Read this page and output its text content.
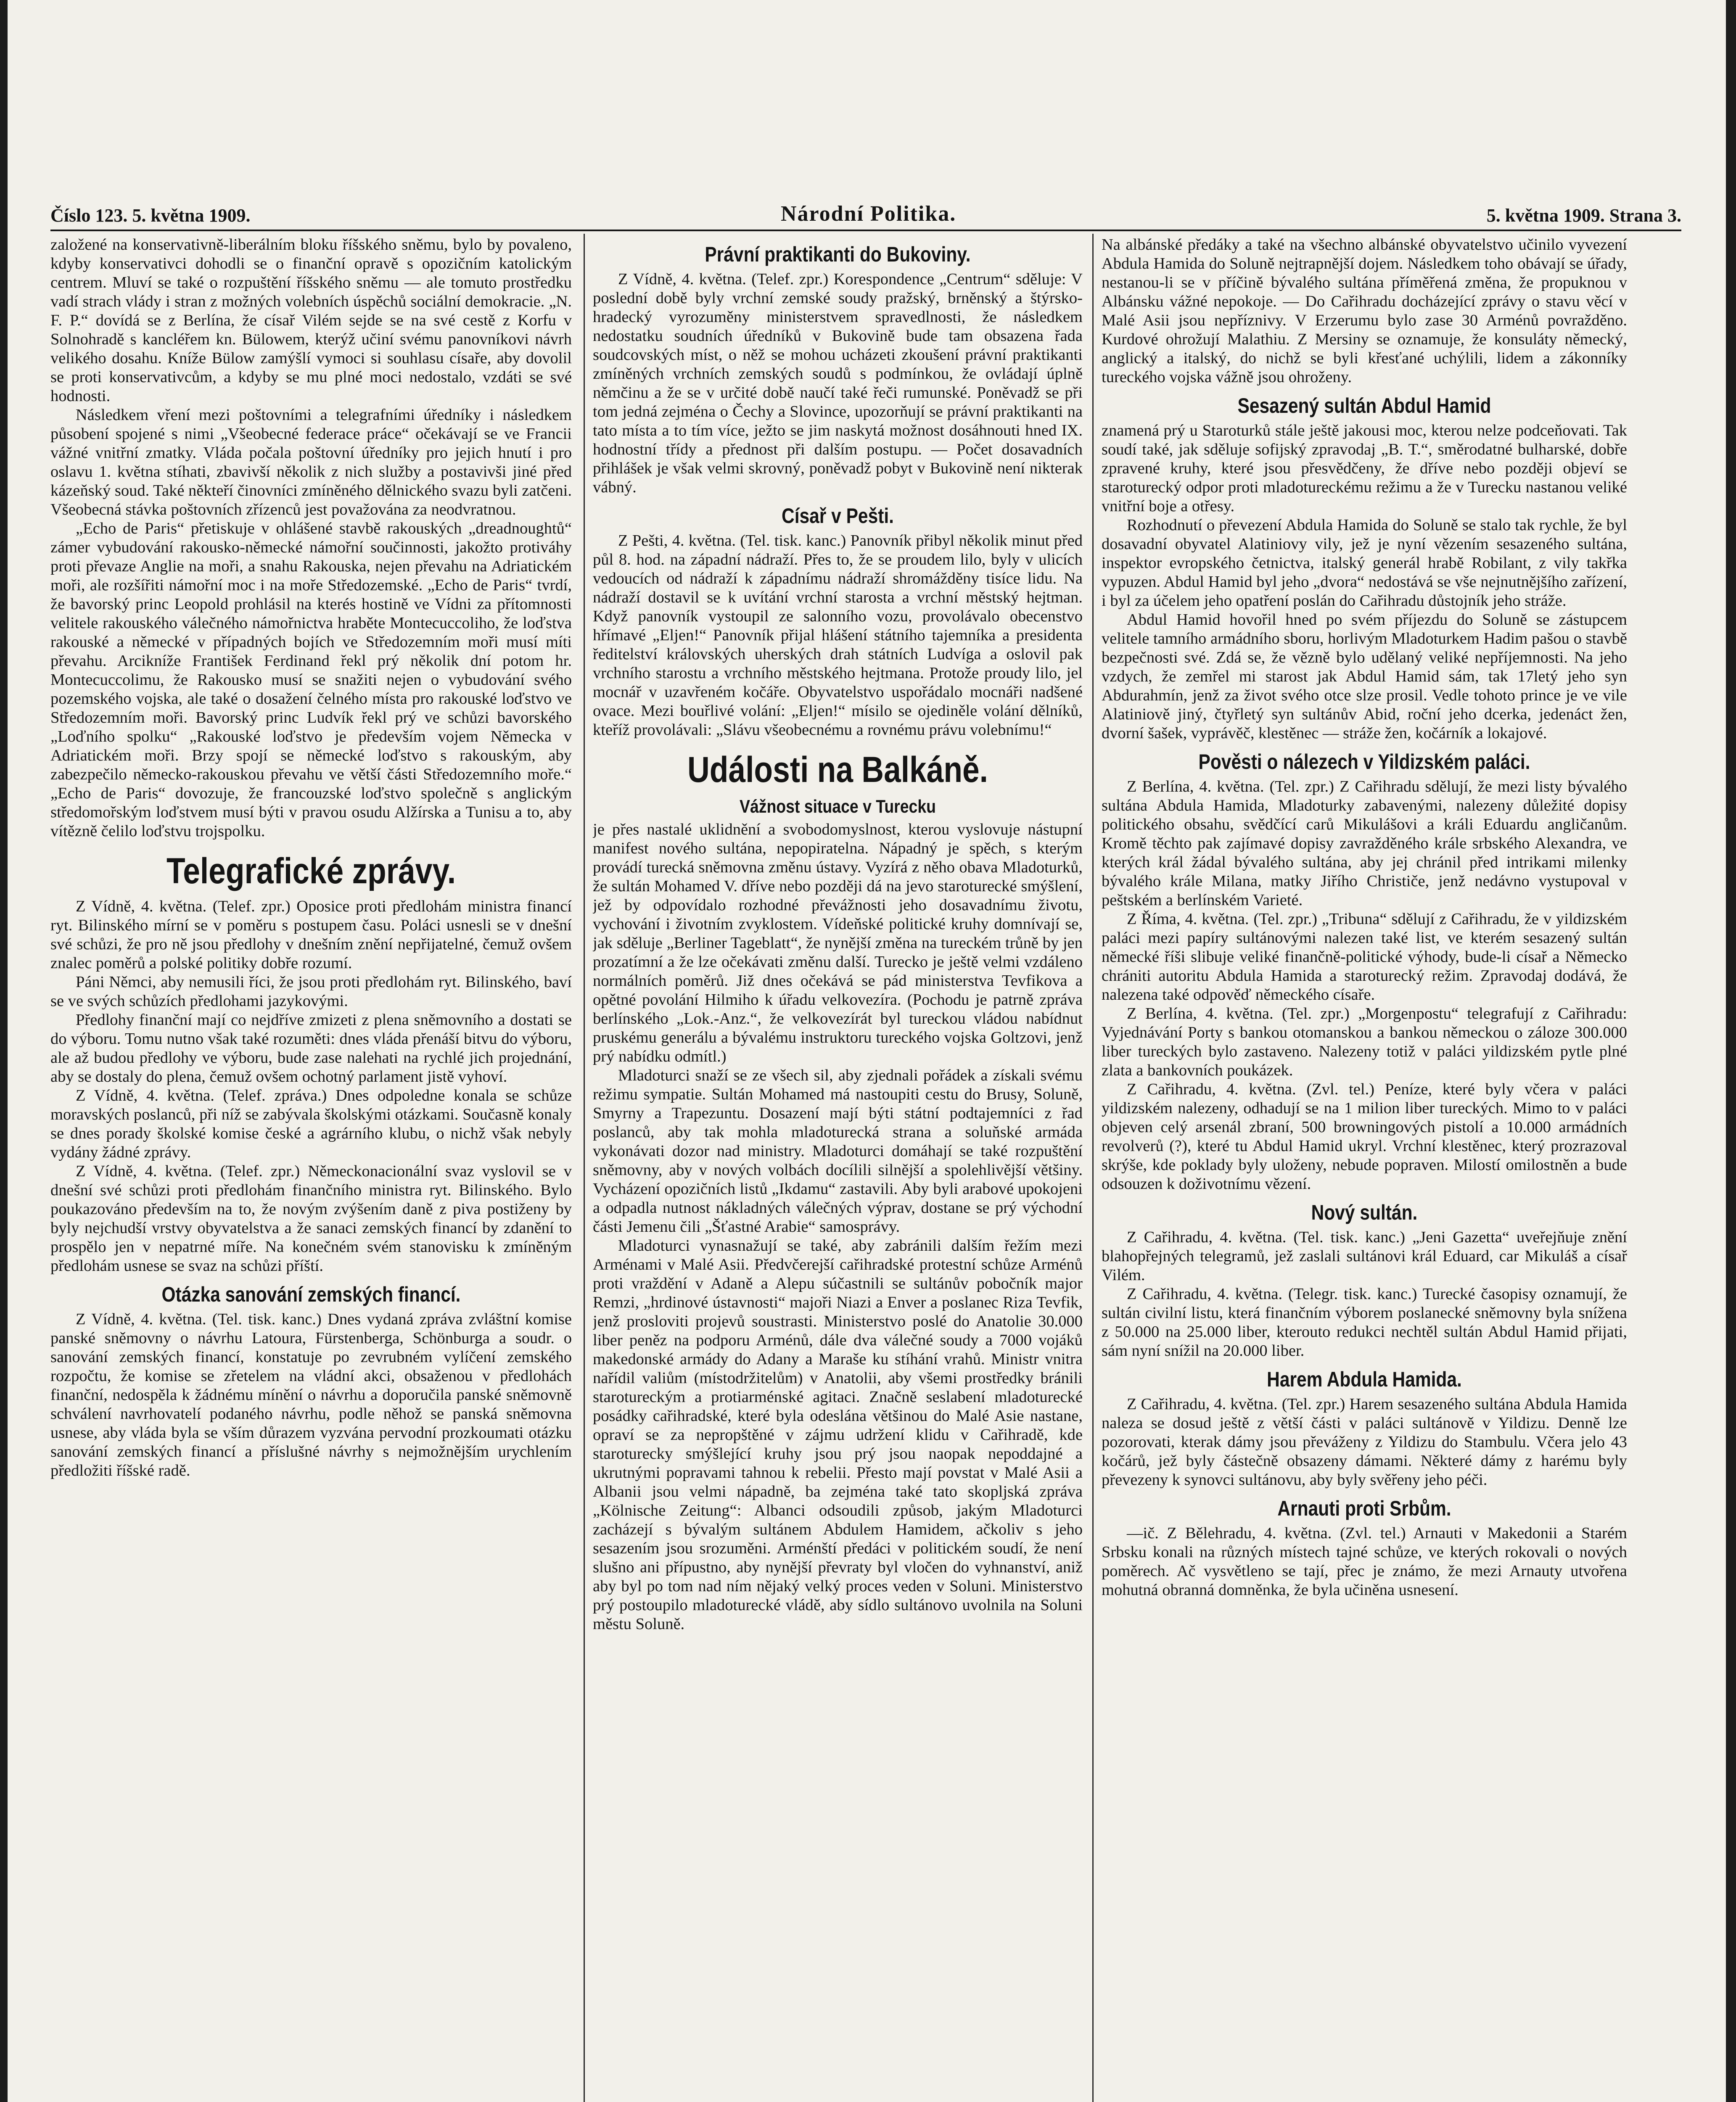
Číslo 123. 5. května 1909.	Národní Politika.	5. května 1909. Strana 3.

založené na konservativně-liberálním bloku říšského sněmu, bylo by povaleno, kdyby konservativci dohodli se o finanční opravě s opozičním katolickým centrem. Mluví se také o rozpuštění říšského sněmu — ale tomuto prostředku vadí strach vlády i stran z možných volebních úspěchů sociální demokracie. „N. F. P.“ dovídá se z Berlína, že císař Vilém sejde se na své cestě z Korfu v Solnohradě s kancléřem kn. Bülowem, kterýž učiní svému panovníkovi návrh velikého dosahu. Kníže Bülow zamýšlí vymoci si souhlasu císaře, aby dovolil se proti konservativcům, a kdyby se mu plné moci nedostalo, vzdáti se své hodnosti.

Následkem vření mezi poštovními a telegrafními úředníky i následkem působení spojené s nimi „Všeobecné federace práce“ očekávají se ve Francii vážné vnitřní zmatky. Vláda počala poštovní úředníky pro jejich hnutí i pro oslavu 1. května stíhati, zbavivší několik z nich služby a postavivši jiné před kázeňský soud. Také někteří činovníci zmíněného dělnického svazu byli zatčeni. Všeobecná stávka poštovních zřízenců jest považována za neodvratnou.

„Echo de Paris“ přetiskuje v ohlášené stavbě rakouských „dreadnoughtů“ zámer vybudování rakousko-německé námořní součinnosti, jakožto protiváhy proti převaze Anglie na moři, a snahu Rakouska, nejen převahu na Adriatickém moři, ale rozšířiti námořní moc i na moře Středozemské. „Echo de Paris“ tvrdí, že bavorský princ Leopold prohlásil na kterés hostině ve Vídni za přítomnosti velitele rakouského válečného námořnictva hraběte Montecuccoliho, že loďstva rakouské a německé v případných bojích ve Středozemním moři musí míti převahu. Arcikníže František Ferdinand řekl prý několik dní potom hr. Montecuccolimu, že Rakousko musí se snažiti nejen o vybudování svého pozemského vojska, ale také o dosažení čelného místa pro rakouské loďstvo ve Středozemním moři. Bavorský princ Ludvík řekl prý ve schůzi bavorského „Loďního spolku“ „Rakouské loďstvo je především vojem Německa v Adriatickém moři. Brzy spojí se německé loďstvo s rakouským, aby zabezpečilo německo-rakouskou převahu ve větší části Středozemního moře.“ „Echo de Paris“ dovozuje, že francouzské loďstvo společně s anglickým středomořským loďstvem musí býti v pravou osudu Alžírska a Tunisu a to, aby vítězně čelilo loďstvu trojspolku.

Telegrafické zprávy.

Z Vídně, 4. května. (Telef. zpr.) Oposice proti předlohám ministra financí ryt. Bilinského mírní se v poměru s postupem času. Poláci usnesli se v dnešní své schůzi, že pro ně jsou předlohy v dnešním znění nepřijatelné, čemuž ovšem znalec poměrů a polské politiky dobře rozumí.

Páni Němci, aby nemusili říci, že jsou proti předlohám ryt. Bilinského, baví se ve svých schůzích předlohami jazykovými.

Předlohy finanční mají co nejdříve zmizeti z plena sněmovního a dostati se do výboru. Tomu nutno však také rozuměti: dnes vláda přenáší bitvu do výboru, ale až budou předlohy ve výboru, bude zase nalehati na rychlé jich projednání, aby se dostaly do plena, čemuž ovšem ochotný parlament jistě vyhoví.

Z Vídně, 4. května. (Telef. zpráva.) Dnes odpoledne konala se schůze moravských poslanců, při níž se zabývala školskými otázkami. Současně konaly se dnes porady školské komise české a agrárního klubu, o nichž však nebyly vydány žádné zprávy.

Z Vídně, 4. května. (Telef. zpr.) Německonacionální svaz vyslovil se v dnešní své schůzi proti předlohám finančního ministra ryt. Bilinského. Bylo poukazováno především na to, že novým zvýšením daně z piva postiženy by byly nejchudší vrstvy obyvatelstva a že sanaci zemských financí by zdanění to prospělo jen v nepatrné míře. Na konečném svém stanovisku k zmíněným předlohám usnese se svaz na schůzi příští.

Otázka sanování zemských financí.

Z Vídně, 4. května. (Tel. tisk. kanc.) Dnes vydaná zpráva zvláštní komise panské sněmovny o návrhu Latoura, Fürstenberga, Schönburga a soudr. o sanování zemských financí, konstatuje po zevrubném vylíčení zemského rozpočtu, že komise se zřetelem na vládní akci, obsaženou v předlohách finanční, nedospěla k žádnému mínění o návrhu a doporučila panské sněmovně schválení navrhovatelí podaného návrhu, podle něhož se panská sněmovna usnese, aby vláda byla se vším důrazem vyzvána pervodní prozkoumati otázku sanování zemských financí a příslušné návrhy s nejmožnějším urychlením předložiti říšské radě.

Právní praktikanti do Bukoviny.

Z Vídně, 4. května. (Telef. zpr.) Korespondence „Centrum“ sděluje: V poslední době byly vrchní zemské soudy pražský, brněnský a štýrsko-hradecký vyrozuměny ministerstvem spravedlnosti, že následkem nedostatku soudních úředníků v Bukovině bude tam obsazena řada soudcovských míst, o něž se mohou ucházeti zkoušení právní praktikanti zmíněných vrchních zemských soudů s podmínkou, že ovládají úplně němčinu a že se v určité době naučí také řeči rumunské. Poněvadž se při tom jedná zejména o Čechy a Slovince, upozorňují se právní praktikanti na tato místa a to tím více, ježto se jim naskytá možnost dosáhnouti hned IX. hodnostní třídy a přednost při dalším postupu. — Počet dosavadních přihlášek je však velmi skrovný, poněvadž pobyt v Bukovině není nikterak vábný.

Císař v Pešti.

Z Pešti, 4. května. (Tel. tisk. kanc.) Panovník přibyl několik minut před půl 8. hod. na západní nádraží. Přes to, že se proudem lilo, byly v ulicích vedoucích od nádraží k západnímu nádraží shromážděny tisíce lidu. Na nádraží dostavil se k uvítání vrchní starosta a vrchní městský hejtman. Když panovník vystoupil ze salonního vozu, provolávalo obecenstvo hřímavé „Eljen!“ Panovník přijal hlášení státního tajemníka a presidenta ředitelství královských uherských drah státních Ludvíga a oslovil pak vrchního starostu a vrchního městského hejtmana. Protože proudy lilo, jel mocnář v uzavřeném kočáře. Obyvatelstvo uspořádalo mocnáři nadšené ovace. Mezi bouřlivé volání: „Eljen!“ mísilo se ojediněle volání dělníků, kteříž provolávali: „Slávu všeobecnému a rovnému právu volebnímu!“

Události na Balkáně.
Vážnost situace v Turecku

je přes nastalé uklidnění a svobodomyslnost, kterou vyslovuje nástupní manifest nového sultána, nepopiratelna. Nápadný je spěch, s kterým provádí turecká sněmovna změnu ústavy. Vyzírá z něho obava Mladoturků, že sultán Mohamed V. dříve nebo později dá na jevo staroturecké smýšlení, jež by odpovídalo rozhodné převážnosti jeho dosavadnímu životu, vychování i životním zvyklostem. Vídeňské politické kruhy domnívají se, jak sděluje „Berliner Tageblatt“, že nynější změna na tureckém trůně by jen prozatímní a že lze očekávati změnu další. Turecko je ještě velmi vzdáleno normálních poměrů. Již dnes očekává se pád ministerstva Tevfikova a opětné povolání Hilmiho k úřadu velkovezíra. (Pochodu je patrně zpráva berlínského „Lok.-Anz.“, že velkovezírát byl tureckou vládou nabídnut pruskému generálu a bývalému instruktoru tureckého vojska Goltzovi, jenž prý nabídku odmítl.)

Mladoturci snaží se ze všech sil, aby zjednali pořádek a získali svému režimu sympatie. Sultán Mohamed má nastoupiti cestu do Brusy, Soluně, Smyrny a Trapezuntu. Dosazení mají býti státní podtajemníci z řad poslanců, aby tak mohla mladoturecká strana a soluňské armáda vykonávati dozor nad ministry. Mladoturci domáhají se také rozpuštění sněmovny, aby v nových volbách docílili silnější a spolehlivější většiny. Vycházení opozičních listů „Ikdamu“ zastavili. Aby byli arabové upokojeni a odpadla nutnost nákladných válečných výprav, dostane se prý východní části Jemenu čili „Šťastné Arabie“ samosprávy.

Mladoturci vynasnažují se také, aby zabránili dalším řežím mezi Arménami v Malé Asii. Předvčerejší cařihradské protestní schůze Arménů proti vraždění v Adaně a Alepu súčastnili se sultánův pobočník major Remzi, „hrdinové ústavnosti“ majoři Niazi a Enver a poslanec Riza Tevfik, jenž prosloviti projevů soustrasti. Ministerstvo poslé do Anatolie 30.000 liber peněz na podporu Arménů, dále dva válečné soudy a 7000 vojáků makedonské armády do Adany a Maraše ku stíhání vrahů. Ministr vnitra nařídil valiům (místodržitelům) v Anatolii, aby všemi prostředky bránili starotureckým a protiarménské agitaci. Značně seslabení mladoturecké posádky cařihradské, které byla odeslána většinou do Malé Asie nastane, opraví se za nepropštěné v zájmu udržení klidu v Cařihradě, kde staroturecky smýšlející kruhy jsou prý jsou naopak nepoddajné a ukrutnými popravami tahnou k rebelii. Přesto mají povstat v Malé Asii a Albanii jsou velmi nápadně, ba zejména také tato skopljská zpráva „Kölnische Zeitung“: Albanci odsoudili způsob, jakým Mladoturci zacházejí s bývalým sultánem Abdulem Hamidem, ačkoliv s jeho sesazením jsou srozuměni. Arménští předáci v politickém soudí, že není slušno ani přípustno, aby nynější převraty byl vločen do vyhnanství, aniž aby byl po tom nad ním nějaký velký proces veden v Soluni. Ministerstvo prý postoupilo mladoturecké vládě, aby sídlo sultánovo uvolnila na Soluni městu Soluně.

Na albánské předáky a také na všechno albánské obyvatelstvo učinilo vyvezení Abdula Hamida do Soluně nejtrapnější dojem. Následkem toho obávají se úřady, nestanou-li se v příčině bývalého sultána příměřená změna, že propuknou v Albánsku vážné nepokoje. — Do Cařihradu docházející zprávy o stavu věcí v Malé Asii jsou nepříznivy. V Erzerumu bylo zase 30 Arménů povražděno. Kurdové ohrožují Malathiu. Z Mersiny se oznamuje, že konsuláty německý, anglický a italský, do nichž se byli křesťané uchýlili, lidem a zákonníky tureckého vojska vážně jsou ohroženy.

Sesazený sultán Abdul Hamid

znamená prý u Staroturků stále ještě jakousi moc, kterou nelze podceňovati. Tak soudí také, jak sděluje sofijský zpravodaj „B. T.“, směrodatné bulharské, dobře zpravené kruhy, které jsou přesvědčeny, že dříve nebo později objeví se staroturecký odpor proti mladotureckému režimu a že v Turecku nastanou veliké vnitřní boje a otřesy.

Rozhodnutí o převezení Abdula Hamida do Soluně se stalo tak rychle, že byl dosavadní obyvatel Alatiniovy vily, jež je nyní vězením sesazeného sultána, inspektor evropského četnictva, italský generál hrabě Robilant, z vily takřka vypuzen. Abdul Hamid byl jeho „dvora“ nedostává se vše nejnutnějšího zařízení, i byl za účelem jeho opatření poslán do Cařihradu důstojník jeho stráže.

Abdul Hamid hovořil hned po svém příjezdu do Soluně se zástupcem velitele tamního armádního sboru, horlivým Mladoturkem Hadim pašou o stavbě bezpečnosti své. Zdá se, že vězně bylo udělaný veliké nepříjemnosti. Na jeho vzdych, že zemřel mi starost jak Abdul Hamid sám, tak 17letý jeho syn Abdurahmín, jenž za život svého otce slze prosil. Vedle tohoto prince je ve vile Alatiniově jiný, čtyřletý syn sultánův Abid, roční jeho dcerka, jedenáct žen, dvorní šašek, vyprávěč, klestěnec — stráže žen, kočárník a lokajové.

Pověsti o nálezech v Yildizském paláci.

Z Berlína, 4. května. (Tel. zpr.) Z Cařihradu sdělují, že mezi listy bývalého sultána Abdula Hamida, Mladoturky zabavenými, nalezeny důležité dopisy politického obsahu, svědčící carů Mikulášovi a králi Eduardu angličanům. Kromě těchto pak zajímavé dopisy zavražděného krále srbského Alexandra, ve kterých král žádal bývalého sultána, aby jej chránil před intrikami milenky bývalého krále Milana, matky Jiřího Christiče, jenž nedávno vystupoval v peštském a berlínském Varieté.

Z Říma, 4. května. (Tel. zpr.) „Tribuna“ sdělují z Cařihradu, že v yildizském paláci mezi papíry sultánovými nalezen také list, ve kterém sesazený sultán německé říši slibuje veliké finančně-politické výhody, bude-li císař a Německo chrániti autoritu Abdula Hamida a staroturecký režim. Zpravodaj dodává, že nalezena také odpověď německého císaře.

Z Berlína, 4. května. (Tel. zpr.) „Morgenpostu“ telegrafují z Cařihradu: Vyjednávání Porty s bankou otomanskou a bankou německou o záloze 300.000 liber tureckých bylo zastaveno. Nalezeny totiž v paláci yildizském pytle plné zlata a bankovních poukázek.

Z Cařihradu, 4. května. (Zvl. tel.) Peníze, které byly včera v paláci yildizském nalezeny, odhadují se na 1 milion liber tureckých. Mimo to v paláci objeven celý arsenál zbraní, 500 browningových pistolí a 10.000 armádních revolverů (?), které tu Abdul Hamid ukryl. Vrchní klestěnec, který prozrazoval skrýše, kde poklady byly uloženy, nebude popraven. Milostí omilostněn a bude odsouzen k doživotnímu vězení.

Nový sultán.

Z Cařihradu, 4. května. (Tel. tisk. kanc.) „Jeni Gazetta“ uveřejňuje znění blahopřejných telegramů, jež zaslali sultánovi král Eduard, car Mikuláš a císař Vilém.

Z Cařihradu, 4. května. (Telegr. tisk. kanc.) Turecké časopisy oznamují, že sultán civilní listu, která finančním výborem poslanecké sněmovny byla snížena z 50.000 na 25.000 liber, kterouto redukci nechtěl sultán Abdul Hamid přijati, sám nyní snížil na 20.000 liber.

Harem Abdula Hamida.

Z Cařihradu, 4. května. (Tel. zpr.) Harem sesazeného sultána Abdula Hamida naleza se dosud ještě z větší části v paláci sultánově v Yildizu. Denně lze pozorovati, kterak dámy jsou převáženy z Yildizu do Stambulu. Včera jelo 43 kočárů, jež byly částečně obsazeny dámami. Některé dámy z harému byly převezeny k synovci sultánovu, aby byly svěřeny jeho péči.

Arnauti proti Srbům.

—ič. Z Bělehradu, 4. května. (Zvl. tel.) Arnauti v Makedonii a Starém Srbsku konali na různých místech tajné schůze, ve kterých rokovali o nových poměrech. Ač vysvětleno se tají, přec je známo, že mezi Arnauty utvořena mohutná obranná domněnka, že byla učiněna usnesení.
